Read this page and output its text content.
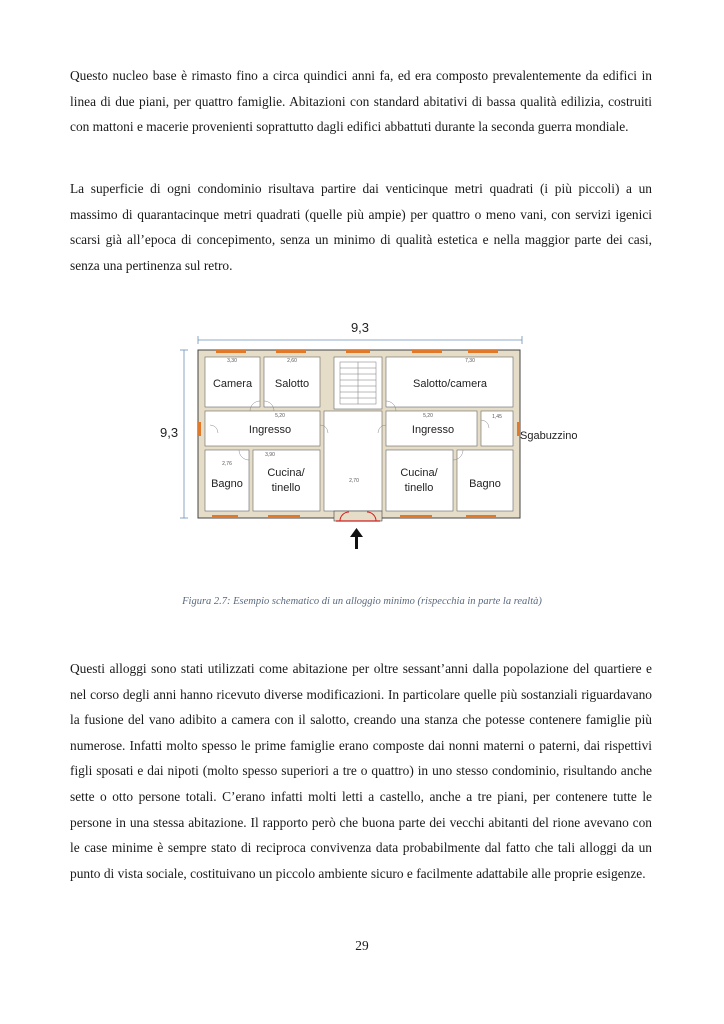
Questo nucleo base è rimasto fino a circa quindici anni fa, ed era composto prevalentemente da edifici in linea di due piani, per quattro famiglie. Abitazioni con standard abitativi di bassa qualità edilizia, costruiti con mattoni e macerie provenienti soprattutto dagli edifici abbattuti durante la seconda guerra mondiale.

La superficie di ogni condominio risultava partire dai venticinque metri quadrati (i più piccoli) a un massimo di quarantacinque metri quadrati (quelle più ampie) per quattro o meno vani, con servizi igenici scarsi già all’epoca di concepimento, senza un minimo di qualità estetica e nella maggior parte dei casi, senza una pertinenza sul retro.

9,3
9,3
Camera Salotto	Salotto/camera
Ingresso	Ingresso	Sgabuzzino
Bagno	Bagno
Cucina/
tinello
Cucina/
tinello
3,30	2,60	7,30
5,20	5,20	1,45
3,90
2,76
2,70
Figura 2.7: Esempio schematico di un alloggio minimo (rispecchia in parte la realtà)

Questi alloggi sono stati utilizzati come abitazione per oltre sessant’anni dalla popolazione del quartiere e nel corso degli anni hanno ricevuto diverse modificazioni. In particolare quelle più sostanziali riguardavano la fusione del vano adibito a camera con il salotto, creando una stanza che potesse contenere famiglie più numerose. Infatti molto spesso le prime famiglie erano composte dai nonni materni o paterni, dai rispettivi figli sposati e dai nipoti (molto spesso superiori a tre o quattro) in uno stesso condominio, risultando anche sette o otto persone totali. C’erano infatti molti letti a castello, anche a tre piani, per contenere tutte le persone in una stessa abitazione. Il rapporto però che buona parte dei vecchi abitanti del rione avevano con le case minime è sempre stato di reciproca convivenza data probabilmente dal fatto che tali alloggi da un punto di vista sociale, costituivano un piccolo ambiente sicuro e facilmente adattabile alle proprie esigenze.

29
